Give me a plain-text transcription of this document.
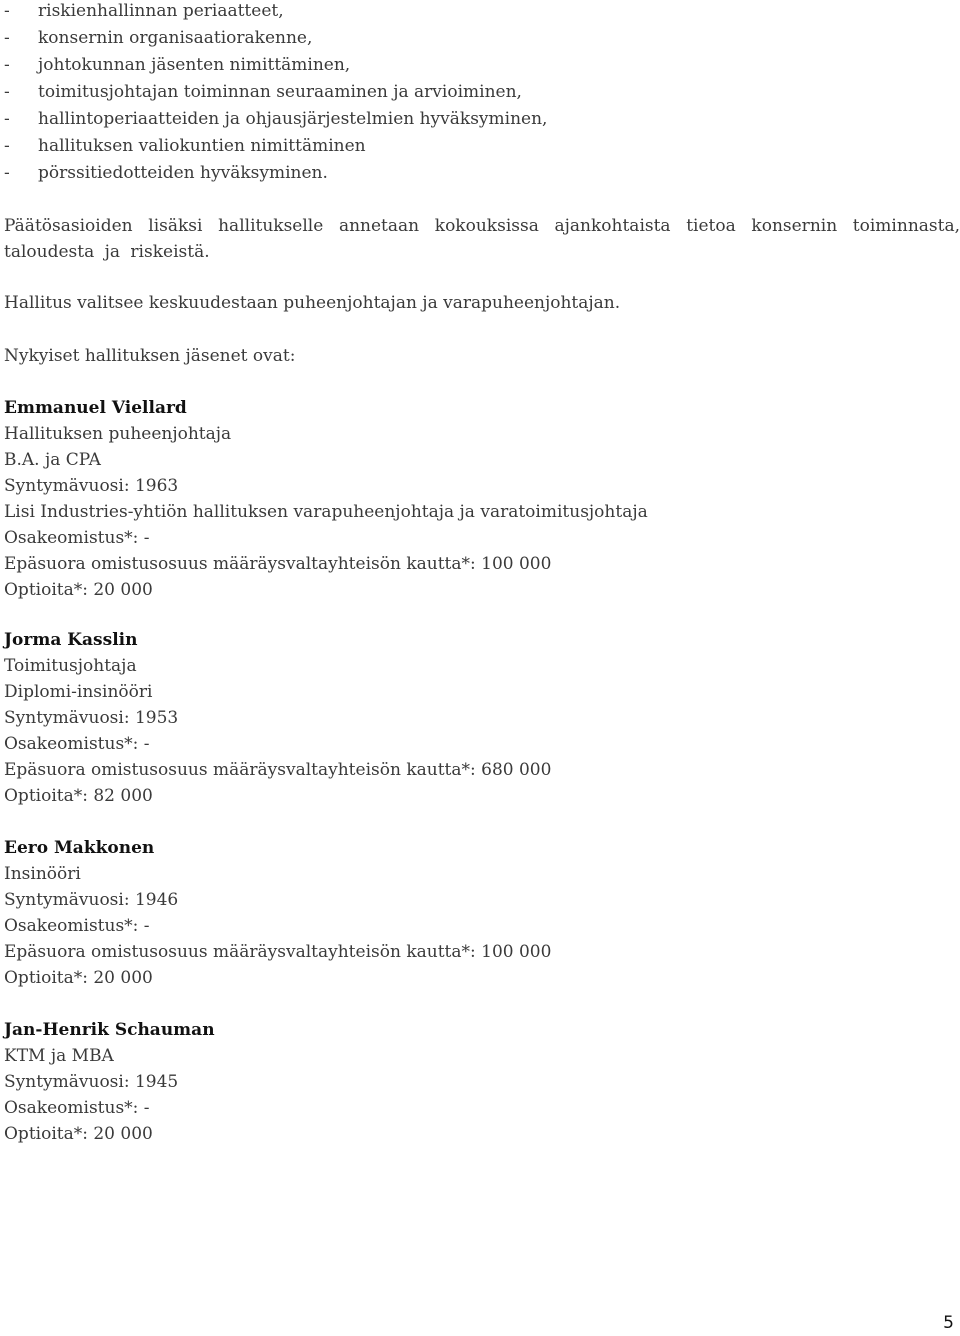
- riskienhallinnan periaatteet,
- konsernin organisaatiorakenne,
- johtokunnan jäsenten nimittäminen,
- toimitusjohtajan toiminnan seuraaminen ja arvioiminen,
- hallintoperiaatteiden ja ohjausjärjestelmien hyväksyminen,
- hallituksen valiokuntien nimittäminen
- pörssitiedotteiden hyväksyminen.

Päätösasioiden lisäksi hallitukselle annetaan kokouksissa ajankohtaista tietoa konsernin toiminnasta, taloudesta ja riskeistä.

Hallitus valitsee keskuudestaan puheenjohtajan ja varapuheenjohtajan.

Nykyiset hallituksen jäsenet ovat:

Emmanuel Viellard
Hallituksen puheenjohtaja
B.A. ja CPA
Syntymävuosi: 1963
Lisi Industries-yhtiön hallituksen varapuheenjohtaja ja varatoimitusjohtaja
Osakeomistus*: -
Epäsuora omistusosuus määräysvaltayhteisön kautta*: 100 000
Optioita*: 20 000
Jorma Kasslin
Toimitusjohtaja
Diplomi-insinööri
Syntymävuosi: 1953
Osakeomistus*: -
Epäsuora omistusosuus määräysvaltayhteisön kautta*: 680 000
Optioita*: 82 000
Eero Makkonen
Insinööri
Syntymävuosi: 1946
Osakeomistus*: -
Epäsuora omistusosuus määräysvaltayhteisön kautta*: 100 000
Optioita*: 20 000
Jan-Henrik Schauman
KTM ja MBA
Syntymävuosi: 1945
Osakeomistus*: -
Optioita*: 20 000
5
